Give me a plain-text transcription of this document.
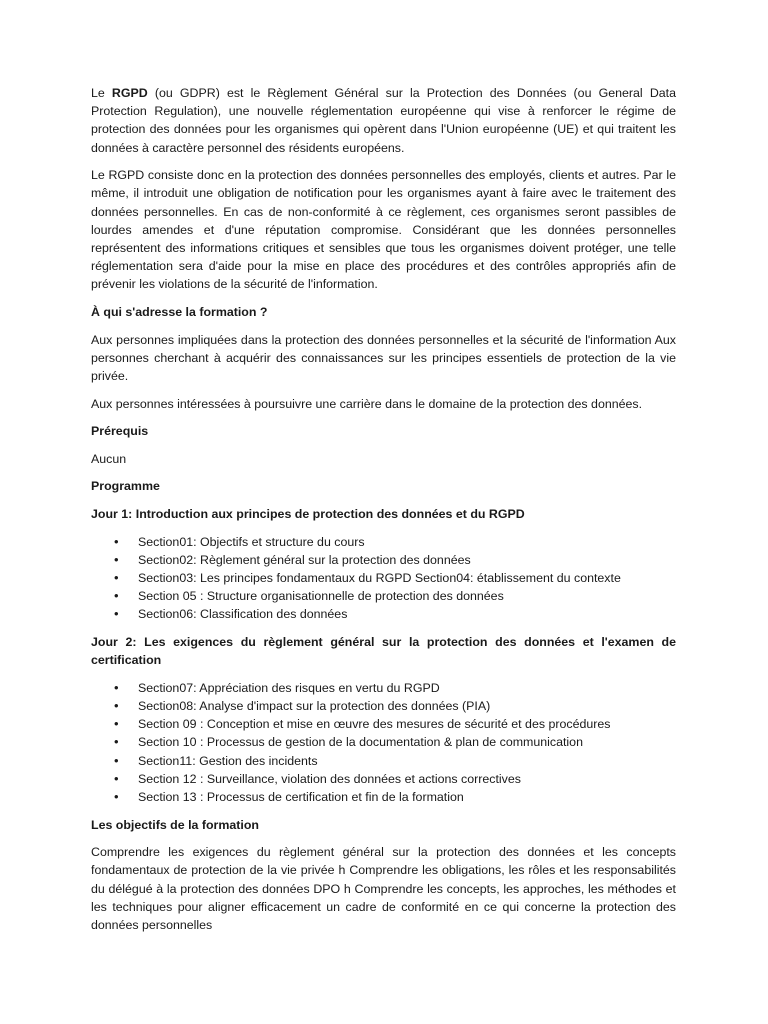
Le RGPD (ou GDPR) est le Règlement Général sur la Protection des Données (ou General Data Protection Regulation), une nouvelle réglementation européenne qui vise à renforcer le régime de protection des données pour les organismes qui opèrent dans l'Union européenne (UE) et qui traitent les données à caractère personnel des résidents européens.

Le RGPD consiste donc en la protection des données personnelles des employés, clients et autres. Par le même, il introduit une obligation de notification pour les organismes ayant à faire avec le traitement des données personnelles. En cas de non-conformité à ce règlement, ces organismes seront passibles de lourdes amendes et d'une réputation compromise. Considérant que les données personnelles représentent des informations critiques et sensibles que tous les organismes doivent protéger, une telle réglementation sera d'aide pour la mise en place des procédures et des contrôles appropriés afin de prévenir les violations de la sécurité de l'information.

À qui s'adresse la formation ?

Aux personnes impliquées dans la protection des données personnelles et la sécurité de l'information Aux personnes cherchant à acquérir des connaissances sur les principes essentiels de protection de la vie privée.

Aux personnes intéressées à poursuivre une carrière dans le domaine de la protection des données.

Prérequis

Aucun

Programme
Jour 1: Introduction aux principes de protection des données et du RGPD
• Section01: Objectifs et structure du cours
• Section02: Règlement général sur la protection des données
• Section03: Les principes fondamentaux du RGPD Section04: établissement du contexte
• Section 05 : Structure organisationnelle de protection des données
• Section06: Classification des données
Jour 2: Les exigences du règlement général sur la protection des données et l'examen de certification
• Section07: Appréciation des risques en vertu du RGPD
• Section08: Analyse d'impact sur la protection des données (PIA)
• Section 09 : Conception et mise en œuvre des mesures de sécurité et des procédures
• Section 10 : Processus de gestion de la documentation & plan de communication
• Section11: Gestion des incidents
• Section 12 : Surveillance, violation des données et actions correctives
• Section 13 : Processus de certification et fin de la formation
Les objectifs de la formation

Comprendre les exigences du règlement général sur la protection des données et les concepts fondamentaux de protection de la vie privée h Comprendre les obligations, les rôles et les responsabilités du délégué à la protection des données DPO h Comprendre les concepts, les approches, les méthodes et les techniques pour aligner efficacement un cadre de conformité en ce qui concerne la protection des données personnelles
